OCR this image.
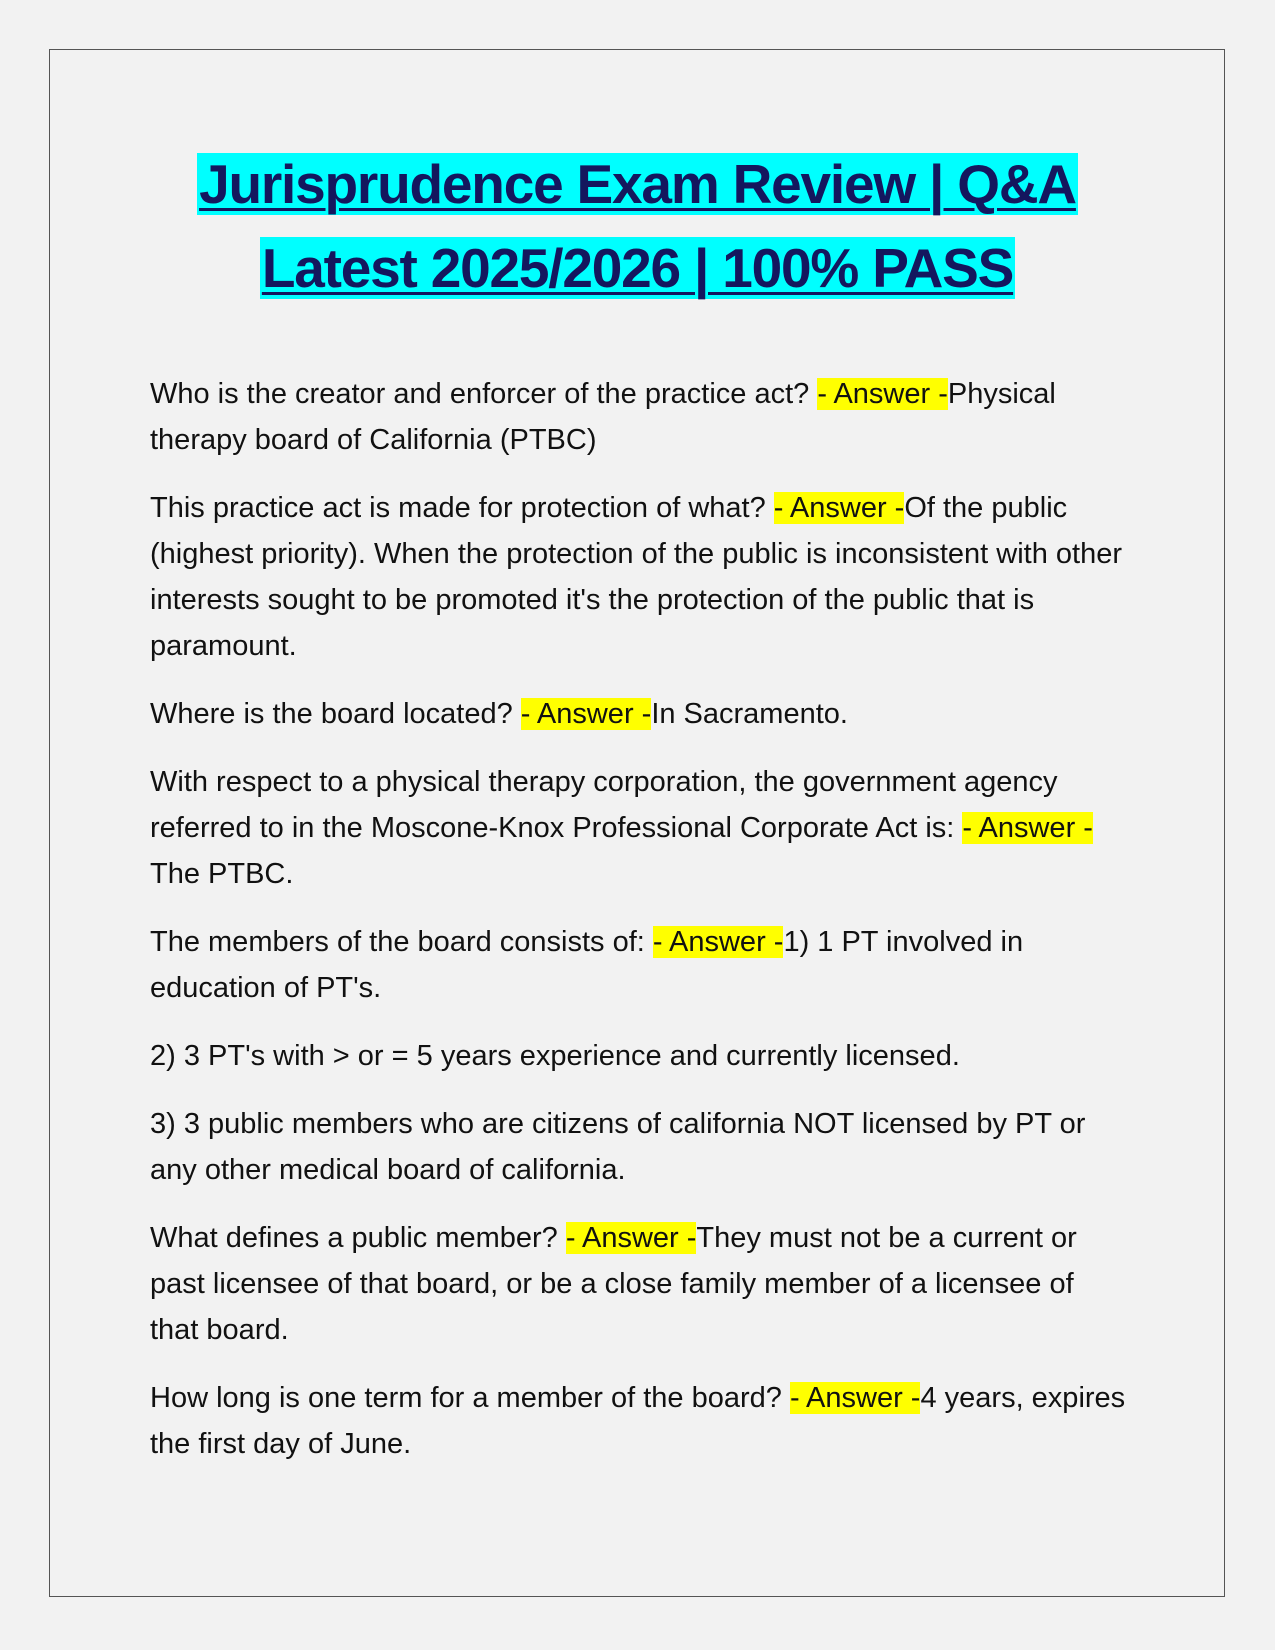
Jurisprudence Exam Review | Q&A
Latest 2025/2026 | 100% PASS

Who is the creator and enforcer of the practice act? - Answer -Physical therapy board of California (PTBC)

This practice act is made for protection of what? - Answer -Of the public (highest priority). When the protection of the public is inconsistent with other interests sought to be promoted it's the protection of the public that is paramount.

Where is the board located? - Answer -In Sacramento.

With respect to a physical therapy corporation, the government agency referred to in the Moscone-Knox Professional Corporate Act is: - Answer -The PTBC.

The members of the board consists of: - Answer -1) 1 PT involved in education of PT's.

2) 3 PT's with > or = 5 years experience and currently licensed.

3) 3 public members who are citizens of california NOT licensed by PT or any other medical board of california.

What defines a public member? - Answer -They must not be a current or past licensee of that board, or be a close family member of a licensee of that board.

How long is one term for a member of the board? - Answer -4 years, expires the first day of June.
